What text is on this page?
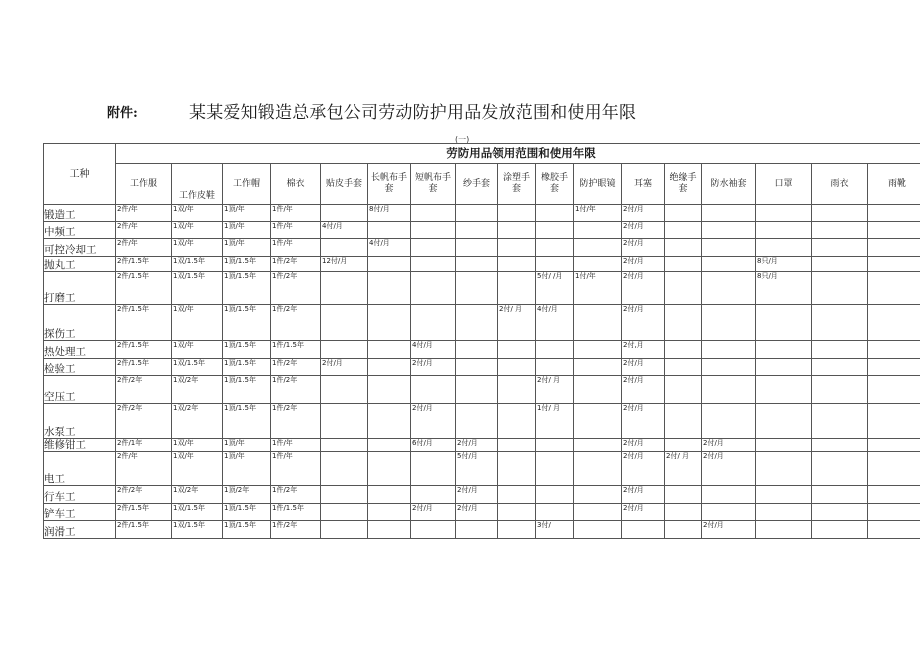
附件:	某某爱知锻造总承包公司劳动防护用品发放范围和使用年限
(一)
工种	劳防用品领用范围和使用年限																
	工作服	工作皮鞋	工作帽	棉衣	贴皮手套	长帆布手套	短帆布手套	纱手套	涂塑手套	橡胶手套	防护眼镜	耳塞	绝缘手套	防水袖套	口罩	雨衣	雨靴
锻造工	2件/年	1双/年	1顶/年	1件/年		8付/月					1付/年	2付/月					
中频工	2件/年	1双/年	1顶/年	1件/年	4付/月							2付/月					
可控冷却工	2件/年	1双/年	1顶/年	1件/年		4付/月						2付/月					
抛丸工	2件/1.5年	1双/1.5年	1顶/1.5年	1件/2年	12付/月							2付/月			8只/月		
打磨工	2件/1.5年	1双/1.5年	1顶/1.5年	1件/2年						5付/ /月	1付/年	2付/月			8只/月		
探伤工	2件/1.5年	1双/年	1顶/1.5年	1件/2年					2付/ 月	4付/月		2付/月					
热处理工	2件/1.5年	1双/年	1顶/1.5年	1件/1.5年			4付/月					2付,月					
检验工	2件/1.5年	1双/1.5年	1顶/1.5年	1件/2年	2付/月		2付/月					2付/月					
空压工	2件/2年	1双/2年	1顶/1.5年	1件/2年						2付/ 月		2付/月					
水泵工	2件/2年	1双/2年	1顶/1.5年	1件/2年			2付/月			1付/ 月		2付/月					
维修钳工	2件/1年	1双/年	1顶/年	1件/年			6付/月	2付/月				2付/月		2付/月			
电工	2件/年	1双/年	1顶/年	1件/年				5付/月				2付/月	2付/ 月	2付/月			
行车工	2件/2年	1双/2年	1顶/2年	1件/2年				2付/月				2付/月					
铲车工	2件/1.5年	1双/1.5年	1顶/1.5年	1件/1.5年			2付/月	2付/月				2付/月					
润滑工	2件/1.5年	1双/1.5年	1顶/1.5年	1件/2年						3付/				2付/月			
